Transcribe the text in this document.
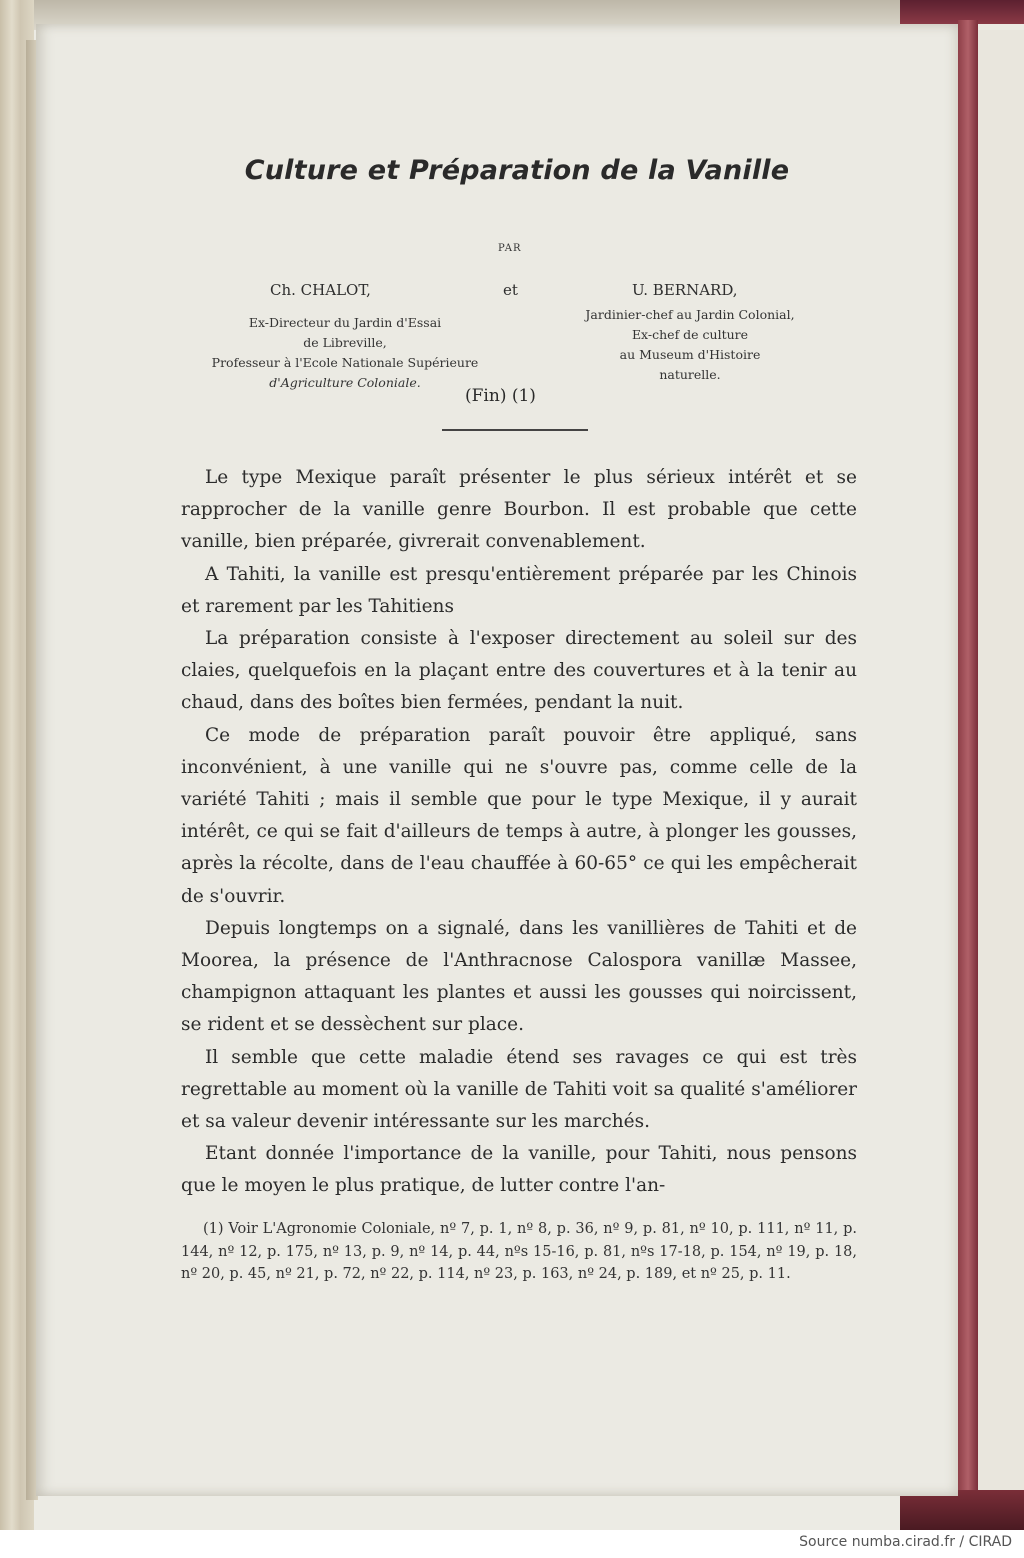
Culture et Préparation de la Vanille
PAR
Ch. CHALOT,	et	U. BERNARD,
Ex-Directeur du Jardin d'Essai
de Libreville,
Professeur à l'Ecole Nationale Supérieure
d'Agriculture Coloniale.
Jardinier-chef au Jardin Colonial,
Ex-chef de culture
au Museum d'Histoire
naturelle.
(Fin) (1)

Le type Mexique paraît présenter le plus sérieux intérêt et se rapprocher de la vanille genre Bourbon. Il est probable que cette vanille, bien préparée, givrerait convenablement.

A Tahiti, la vanille est presqu'entièrement préparée par les Chinois et rarement par les Tahitiens

La préparation consiste à l'exposer directement au soleil sur des claies, quelquefois en la plaçant entre des couvertures et à la tenir au chaud, dans des boîtes bien fermées, pendant la nuit.

Ce mode de préparation paraît pouvoir être appliqué, sans inconvénient, à une vanille qui ne s'ouvre pas, comme celle de la variété Tahiti ; mais il semble que pour le type Mexique, il y aurait intérêt, ce qui se fait d'ailleurs de temps à autre, à plonger les gousses, après la récolte, dans de l'eau chauffée à 60-65° ce qui les empêcherait de s'ouvrir.

Depuis longtemps on a signalé, dans les vanillières de Tahiti et de Moorea, la présence de l'Anthracnose Calospora vanillæ Massee, champignon attaquant les plantes et aussi les gousses qui noircissent, se rident et se dessèchent sur place.

Il semble que cette maladie étend ses ravages ce qui est très regrettable au moment où la vanille de Tahiti voit sa qualité s'améliorer et sa valeur devenir intéressante sur les marchés.

Etant donnée l'importance de la vanille, pour Tahiti, nous pensons que le moyen le plus pratique, de lutter contre l'an-

(1) Voir L'Agronomie Coloniale, nº 7, p. 1, nº 8, p. 36, nº 9, p. 81, nº 10, p. 111, nº 11, p. 144, nº 12, p. 175, nº 13, p. 9, nº 14, p. 44, nºs 15-16, p. 81, nºs 17-18, p. 154, nº 19, p. 18, nº 20, p. 45, nº 21, p. 72, nº 22, p. 114, nº 23, p. 163, nº 24, p. 189, et nº 25, p. 11.

Source numba.cirad.fr / CIRAD
